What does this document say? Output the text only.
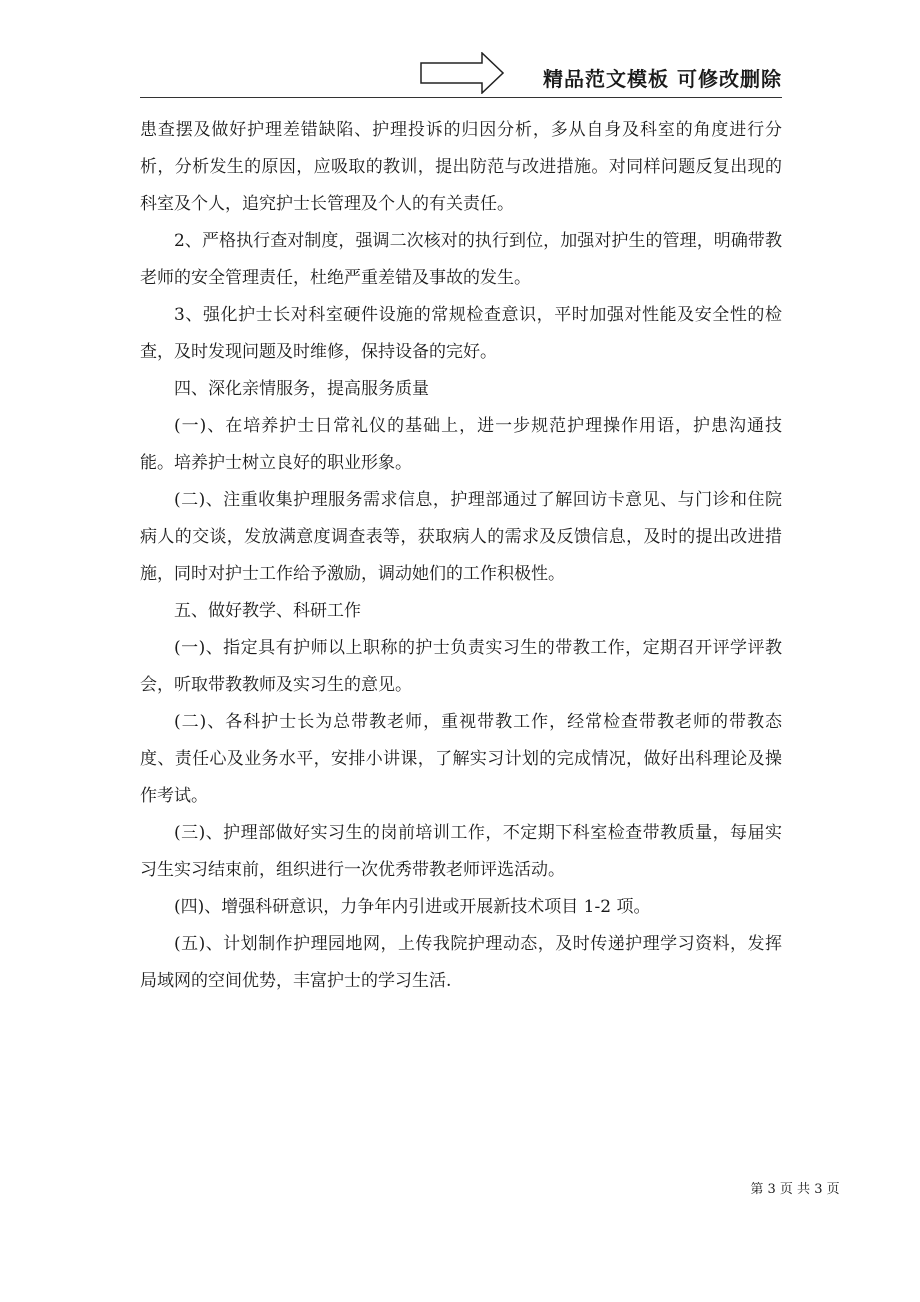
精品范文模板 可修改删除

患查摆及做好护理差错缺陷、护理投诉的归因分析，多从自身及科室的角度进行分析，分析发生的原因，应吸取的教训，提出防范与改进措施。对同样问题反复出现的科室及个人，追究护士长管理及个人的有关责任。

2、严格执行查对制度，强调二次核对的执行到位，加强对护生的管理，明确带教老师的安全管理责任，杜绝严重差错及事故的发生。

3、强化护士长对科室硬件设施的常规检查意识，平时加强对性能及安全性的检查，及时发现问题及时维修，保持设备的完好。

四、深化亲情服务，提高服务质量

(一)、在培养护士日常礼仪的基础上，进一步规范护理操作用语，护患沟通技能。培养护士树立良好的职业形象。

(二)、注重收集护理服务需求信息，护理部通过了解回访卡意见、与门诊和住院病人的交谈，发放满意度调查表等，获取病人的需求及反馈信息，及时的提出改进措施，同时对护士工作给予激励，调动她们的工作积极性。

五、做好教学、科研工作

(一)、指定具有护师以上职称的护士负责实习生的带教工作，定期召开评学评教会，听取带教教师及实习生的意见。

(二)、各科护士长为总带教老师，重视带教工作，经常检查带教老师的带教态度、责任心及业务水平，安排小讲课，了解实习计划的完成情况，做好出科理论及操作考试。

(三)、护理部做好实习生的岗前培训工作，不定期下科室检查带教质量，每届实习生实习结束前，组织进行一次优秀带教老师评选活动。

(四)、增强科研意识，力争年内引进或开展新技术项目 1-2 项。

(五)、计划制作护理园地网，上传我院护理动态，及时传递护理学习资料，发挥局域网的空间优势，丰富护士的学习生活.

第 3 页 共 3 页
